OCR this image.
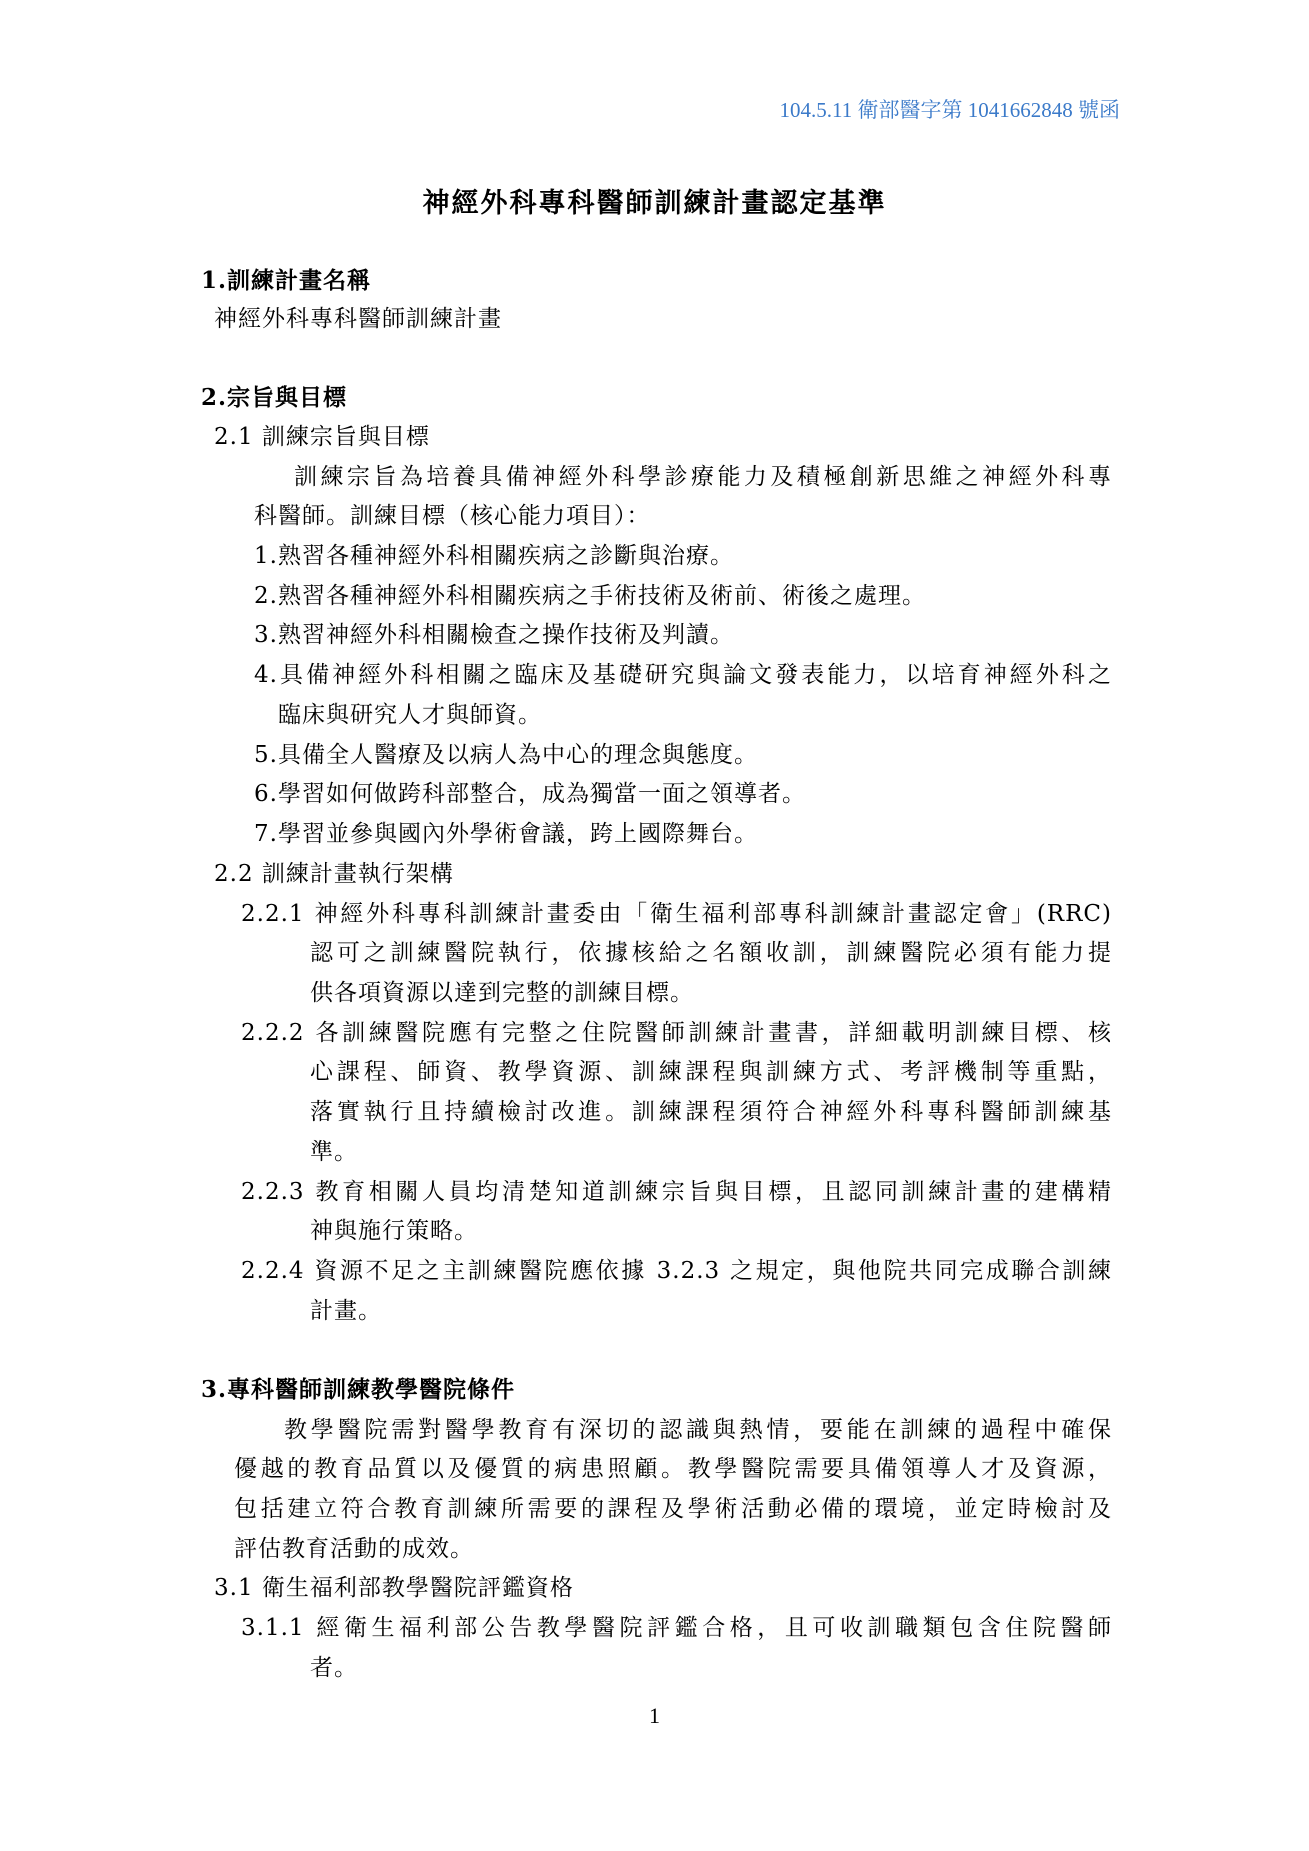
104.5.11 衛部醫字第 1041662848 號函
神經外科專科醫師訓練計畫認定基準
1.訓練計畫名稱
神經外科專科醫師訓練計畫
2.宗旨與目標
2.1 訓練宗旨與目標
訓練宗旨為培養具備神經外科學診療能力及積極創新思維之神經外科專
科醫師。訓練目標（核心能力項目）：
1.熟習各種神經外科相關疾病之診斷與治療。
2.熟習各種神經外科相關疾病之手術技術及術前、術後之處理。
3.熟習神經外科相關檢查之操作技術及判讀。
4.具備神經外科相關之臨床及基礎研究與論文發表能力，以培育神經外科之
臨床與研究人才與師資。
5.具備全人醫療及以病人為中心的理念與態度。
6.學習如何做跨科部整合，成為獨當一面之領導者。
7.學習並參與國內外學術會議，跨上國際舞台。
2.2 訓練計畫執行架構
2.2.1 神經外科專科訓練計畫委由「衛生福利部專科訓練計畫認定會」(RRC)
認可之訓練醫院執行，依據核給之名額收訓，訓練醫院必須有能力提
供各項資源以達到完整的訓練目標。
2.2.2 各訓練醫院應有完整之住院醫師訓練計畫書，詳細載明訓練目標、核
心課程、師資、教學資源、訓練課程與訓練方式、考評機制等重點，
落實執行且持續檢討改進。訓練課程須符合神經外科專科醫師訓練基
準。
2.2.3 教育相關人員均清楚知道訓練宗旨與目標，且認同訓練計畫的建構精
神與施行策略。
2.2.4 資源不足之主訓練醫院應依據 3.2.3 之規定，與他院共同完成聯合訓練
計畫。
3.專科醫師訓練教學醫院條件
教學醫院需對醫學教育有深切的認識與熱情，要能在訓練的過程中確保
優越的教育品質以及優質的病患照顧。教學醫院需要具備領導人才及資源，
包括建立符合教育訓練所需要的課程及學術活動必備的環境，並定時檢討及
評估教育活動的成效。
3.1 衛生福利部教學醫院評鑑資格
3.1.1 經衛生福利部公告教學醫院評鑑合格，且可收訓職類包含住院醫師
者。
1
